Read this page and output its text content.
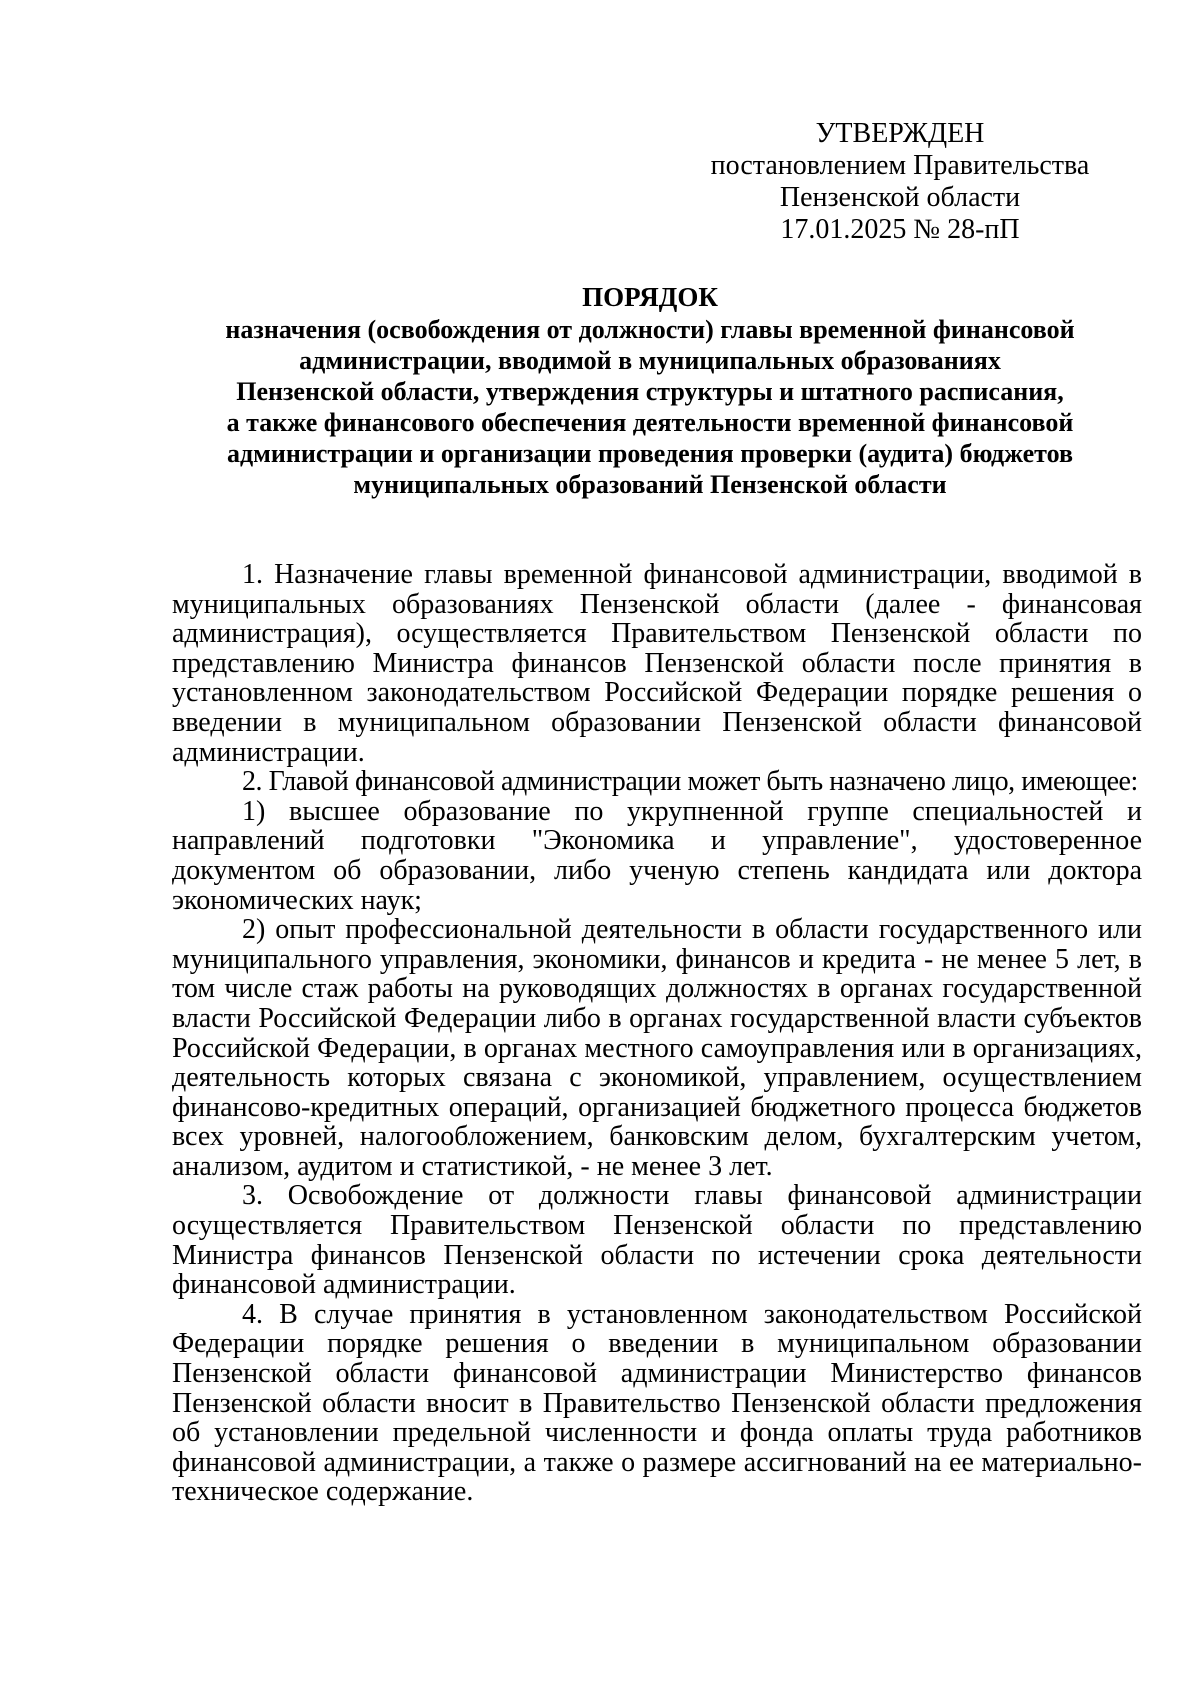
УТВЕРЖДЕН
постановлением Правительства
Пензенской области
17.01.2025 № 28-пП
ПОРЯДОК
назначения (освобождения от должности) главы временной финансовой
администрации, вводимой в муниципальных образованиях
Пензенской области, утверждения структуры и штатного расписания,
а также финансового обеспечения деятельности временной финансовой
администрации и организации проведения проверки (аудита) бюджетов
муниципальных образований Пензенской области

1. Назначение главы временной финансовой администрации, вводимой в муниципальных образованиях Пензенской области (далее - финансовая администрация), осуществляется Правительством Пензенской области по представлению Министра финансов Пензенской области после принятия в установленном законодательством Российской Федерации порядке решения о введении в муниципальном образовании Пензенской области финансовой администрации.

2. Главой финансовой администрации может быть назначено лицо, имеющее:

1) высшее образование по укрупненной группе специальностей и направлений подготовки "Экономика и управление", удостоверенное документом об образовании, либо ученую степень кандидата или доктора экономических наук;

2) опыт профессиональной деятельности в области государственного или муниципального управления, экономики, финансов и кредита - не менее 5 лет, в том числе стаж работы на руководящих должностях в органах государственной власти Российской Федерации либо в органах государственной власти субъектов Российской Федерации, в органах местного самоуправления или в организациях, деятельность которых связана с экономикой, управлением, осуществлением финансово-кредитных операций, организацией бюджетного процесса бюджетов всех уровней, налогообложением, банковским делом, бухгалтерским учетом, анализом, аудитом и статистикой, - не менее 3 лет.

3. Освобождение от должности главы финансовой администрации осуществляется Правительством Пензенской области по представлению Министра финансов Пензенской области по истечении срока деятельности финансовой администрации.

4. В случае принятия в установленном законодательством Российской Федерации порядке решения о введении в муниципальном образовании Пензенской области финансовой администрации Министерство финансов Пензенской области вносит в Правительство Пензенской области предложения об установлении предельной численности и фонда оплаты труда работников финансовой администрации, а также о размере ассигнований на ее материально-техническое содержание.
